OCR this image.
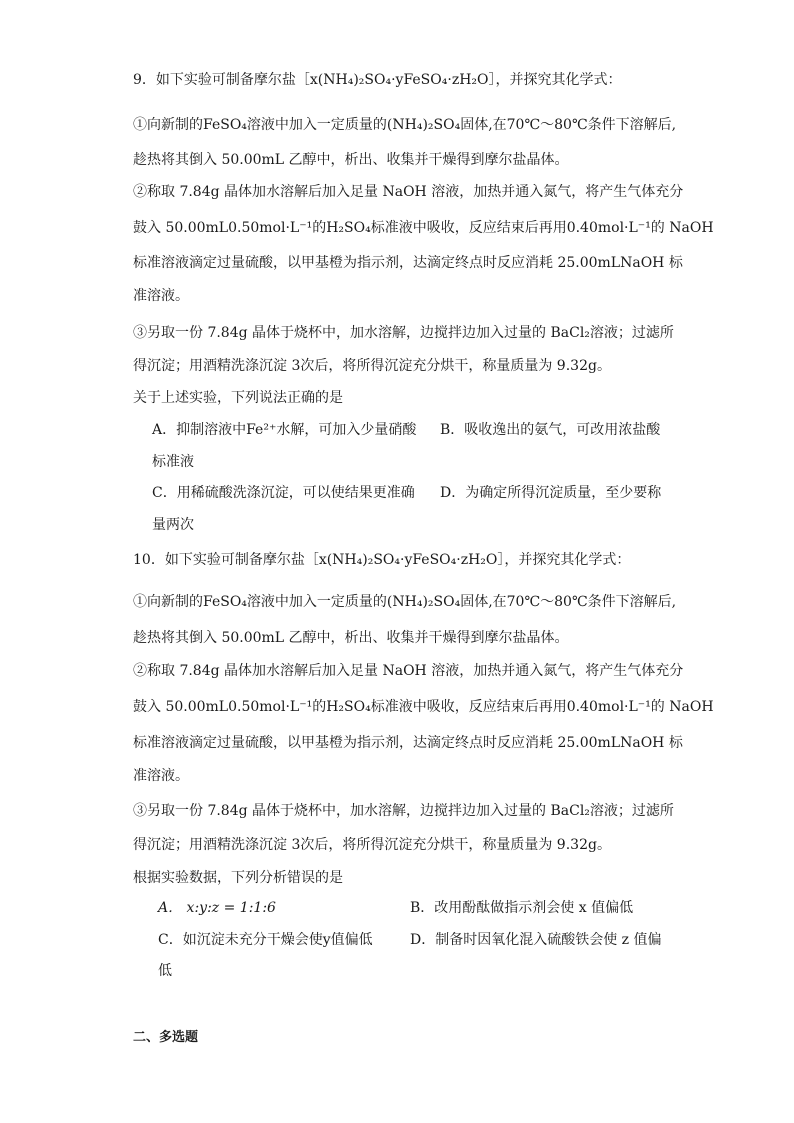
9．如下实验可制备摩尔盐［x(NH₄)₂SO₄·yFeSO₄·zH₂O］，并探究其化学式：
①向新制的FeSO₄溶液中加入一定质量的(NH₄)₂SO₄固体,在70℃～80℃条件下溶解后,
趁热将其倒入 50.00mL 乙醇中，析出、收集并干燥得到摩尔盐晶体。
②称取 7.84g 晶体加水溶解后加入足量 NaOH 溶液，加热并通入氮气，将产生气体充分
鼓入 50.00mL0.50mol·L⁻¹的H₂SO₄标准液中吸收，反应结束后再用0.40mol·L⁻¹的 NaOH
标准溶液滴定过量硫酸，以甲基橙为指示剂，达滴定终点时反应消耗 25.00mLNaOH 标
准溶液。
③另取一份 7.84g 晶体于烧杯中，加水溶解，边搅拌边加入过量的 BaCl₂溶液；过滤所
得沉淀；用酒精洗涤沉淀 3次后，将所得沉淀充分烘干，称量质量为 9.32g。
关于上述实验，下列说法正确的是
A．抑制溶液中Fe²⁺水解，可加入少量硝酸 B．吸收逸出的氨气，可改用浓盐酸
标准液
C．用稀硫酸洗涤沉淀，可以使结果更准确 D．为确定所得沉淀质量，至少要称
量两次
10．如下实验可制备摩尔盐［x(NH₄)₂SO₄·yFeSO₄·zH₂O］，并探究其化学式：
①向新制的FeSO₄溶液中加入一定质量的(NH₄)₂SO₄固体,在70℃～80℃条件下溶解后,
趁热将其倒入 50.00mL 乙醇中，析出、收集并干燥得到摩尔盐晶体。
②称取 7.84g 晶体加水溶解后加入足量 NaOH 溶液，加热并通入氮气，将产生气体充分
鼓入 50.00mL0.50mol·L⁻¹的H₂SO₄标准液中吸收，反应结束后再用0.40mol·L⁻¹的 NaOH
标准溶液滴定过量硫酸，以甲基橙为指示剂，达滴定终点时反应消耗 25.00mLNaOH 标
准溶液。
③另取一份 7.84g 晶体于烧杯中，加水溶解，边搅拌边加入过量的 BaCl₂溶液；过滤所
得沉淀；用酒精洗涤沉淀 3次后，将所得沉淀充分烘干，称量质量为 9.32g。
根据实验数据，下列分析错误的是
A． x:y:z = 1:1:6	B．改用酚酞做指示剂会使 x 值偏低
C．如沉淀未充分干燥会使y值偏低	D．制备时因氧化混入硫酸铁会使 z 值偏
低
二、多选题
